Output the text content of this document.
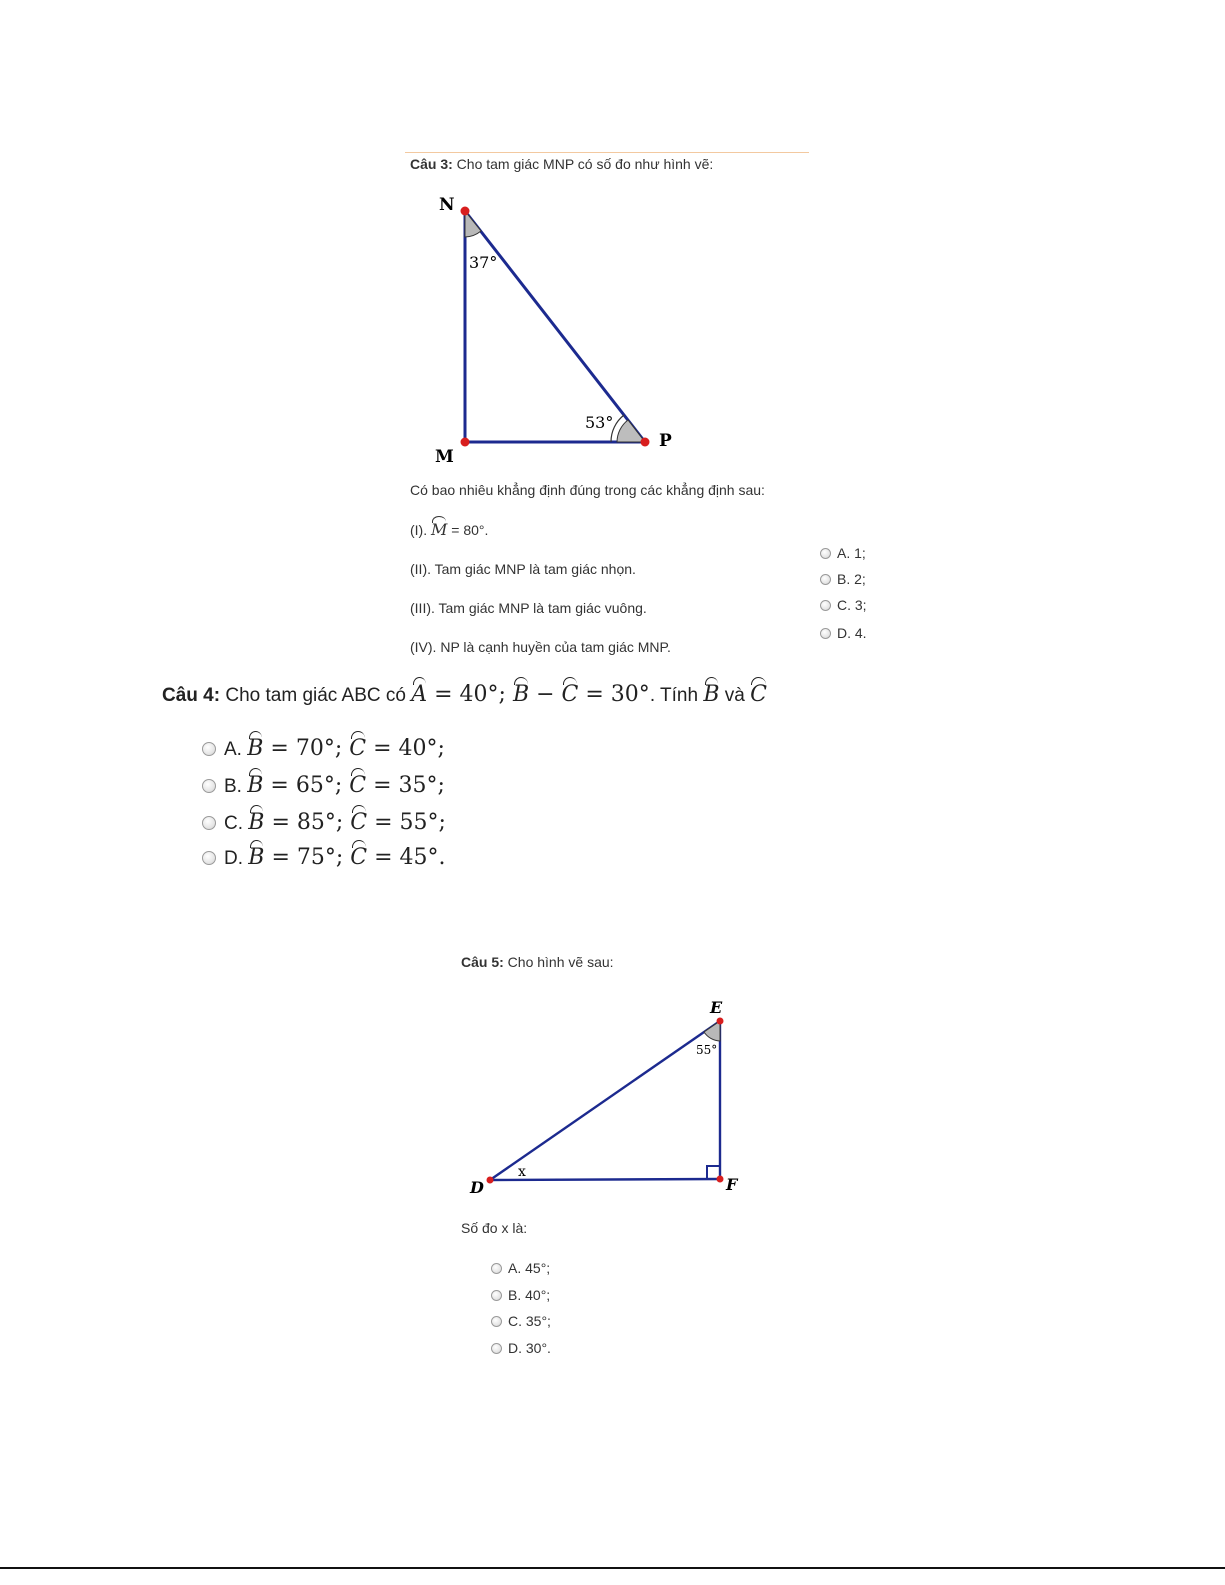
Câu 3: Cho tam giác MNP có số đo như hình vẽ:
N
M
P
37°
53°
Có bao nhiêu khẳng định đúng trong các khẳng định sau:
(I). M = 80°.
(II). Tam giác MNP là tam giác nhọn.
(III). Tam giác MNP là tam giác vuông.
(IV). NP là cạnh huyền của tam giác MNP.
A. 1;
B. 2;
C. 3;
D. 4.
Câu 4: Cho tam giác ABC có A = 40°; B − C = 30°. Tính B và C
A. B = 70°; C = 40°;
B. B = 65°; C = 35°;
C. B = 85°; C = 55°;
D. B = 75°; C = 45°.
Câu 5: Cho hình vẽ sau:
E
D	F
55°
x
Số đo x là:
A. 45°;
B. 40°;
C. 35°;
D. 30°.
